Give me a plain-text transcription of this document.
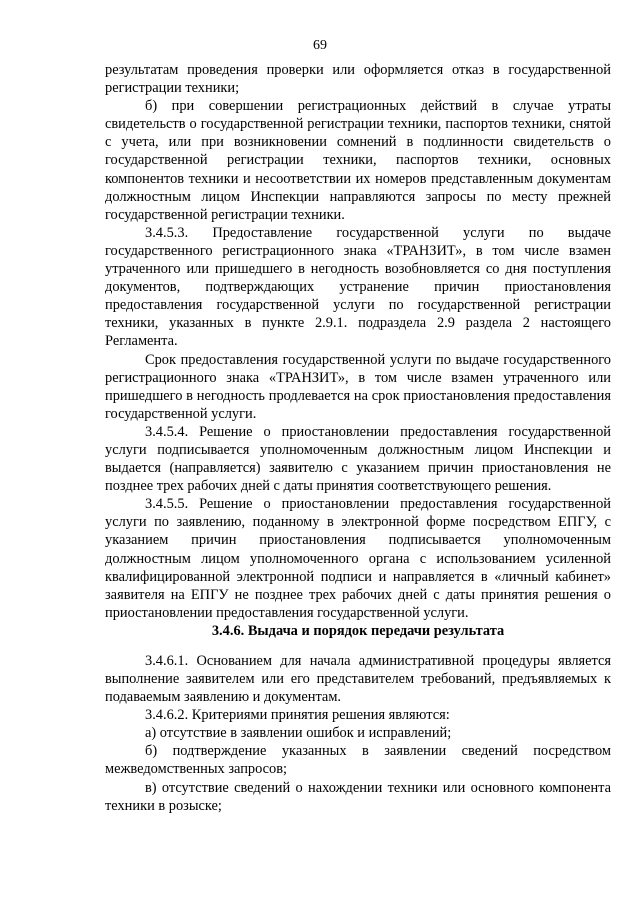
69

результатам проведения проверки или оформляется отказ в государственной регистрации техники;

б) при совершении регистрационных действий в случае утраты свидетельств о государственной регистрации техники, паспортов техники, снятой с учета, или при возникновении сомнений в подлинности свидетельств о государственной регистрации техники, паспортов техники, основных компонентов техники и несоответствии их номеров представленным документам должностным лицом Инспекции направляются запросы по месту прежней государственной регистрации техники.

3.4.5.3. Предоставление государственной услуги по выдаче государственного регистрационного знака «ТРАНЗИТ», в том числе взамен утраченного или пришедшего в негодность возобновляется со дня поступления документов, подтверждающих устранение причин приостановления предоставления государственной услуги по государственной регистрации техники, указанных в пункте 2.9.1. подраздела 2.9 раздела 2 настоящего Регламента.

Срок предоставления государственной услуги по выдаче государственного регистрационного знака «ТРАНЗИТ», в том числе взамен утраченного или пришедшего в негодность продлевается на срок приостановления предоставления государственной услуги.

3.4.5.4. Решение о приостановлении предоставления государственной услуги подписывается уполномоченным должностным лицом Инспекции и выдается (направляется) заявителю с указанием причин приостановления не позднее трех рабочих дней с даты принятия соответствующего решения.

3.4.5.5. Решение о приостановлении предоставления государственной услуги по заявлению, поданному в электронной форме посредством ЕПГУ, с указанием причин приостановления подписывается уполномоченным должностным лицом уполномоченного органа с использованием усиленной квалифицированной электронной подписи и направляется в «личный кабинет» заявителя на ЕПГУ не позднее трех рабочих дней с даты принятия решения о приостановлении предоставления государственной услуги.

3.4.6. Выдача и порядок передачи результата

3.4.6.1. Основанием для начала административной процедуры является выполнение заявителем или его представителем требований, предъявляемых к подаваемым заявлению и документам.

3.4.6.2. Критериями принятия решения являются:

а) отсутствие в заявлении ошибок и исправлений;

б) подтверждение указанных в заявлении сведений посредством межведомственных запросов;

в) отсутствие сведений о нахождении техники или основного компонента техники в розыске;
